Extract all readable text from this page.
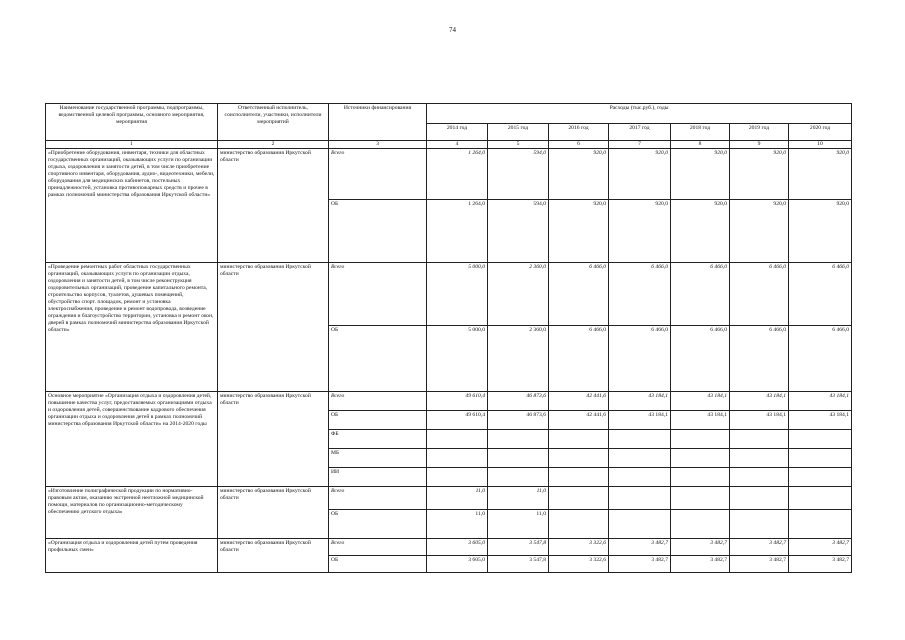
74
Наименование государственной программы, подпрограммы, ведомственной целевой программы, основного мероприятия, мероприятия	Ответственный исполнитель, соисполнители, участники, исполнители мероприятий	Источники финансирования	Расходы (тыс.руб.), годы						
			2014 год	2015 год	2016 год	2017 год	2018 год	2019 год	2020 год
1	2	3	4	5	6	7	8	9	10
«Приобретение оборудования, инвентаря, техники для областных государственных организаций, оказывающих услуги по организации отдыха, оздоровления и занятости детей, в том числе приобретение спортивного инвентаря, оборудования, аудио-, видеотехники, мебели, оборудования для медицинских кабинетов, постельных принадлежностей, установка противопожарных средств и прочее в рамках полномочий министерства образования Иркутской области»	министерство образования Иркутской области	Всего	1 264,0	594,0	920,0	920,0	920,0	920,0	920,0
		ОБ	1 264,0	594,0	920,0	920,0	920,0	920,0	920,0
«Проведение ремонтных работ областных государственных организаций, оказывающих услуги по организации отдыха, оздоровления и занятости детей, в том числе реконструкция оздоровительных организаций, проведение капитального ремонта, строительство корпусов, туалетов, душевых помещений, обустройство спорт. площадок, ремонт и установка электроснабжения, проведение и ремонт водопровода, возведение ограждения и благоустройство территории, установка и ремонт окон, дверей в рамках полномочий министерства образования Иркутской области»	министерство образования Иркутской области	Всего	5 000,0	2 360,0	6 466,0	6 466,0	6 466,0	6 466,0	6 466,0
		ОБ	5 000,0	2 360,0	6 466,0	6 466,0	6 466,0	6 466,0	6 466,0
Основное мероприятие «Организация отдыха и оздоровления детей, повышение качества услуг, предоставляемых организациями отдыха и оздоровления детей, совершенствование кадрового обеспечения организации отдыха и оздоровления детей в рамках полномочий министерства образования Иркутской области» на 2014-2020 годы	министерство образования Иркутской области	Всего	49 610,4	46 873,6	42 441,6	43 184,1	43 184,1	43 184,1	43 184,1
		ОБ	49 610,4	46 873,6	42 441,6	43 184,1	43 184,1	43 184,1	43 184,1
		ФБ							
		МБ							
		ИИ							
«Изготовление полиграфической продукции по нормативно-правовым актам, оказанию экстренной неотложной медицинской помощи, материалов по организационно-методическому обеспечению детского отдыха»	министерство образования Иркутской области	Всего	11,0	11,0					
		ОБ	11,0	11,0					
«Организация отдыха и оздоровления детей путем проведения профильных смен»	министерство образования Иркутской области	Всего	3 605,0	3 547,8	3 322,6	3 482,7	3 482,7	3 482,7	3 482,7
		ОБ	3 605,0	3 547,8	3 322,6	3 482,7	3 482,7	3 482,7	3 482,7
